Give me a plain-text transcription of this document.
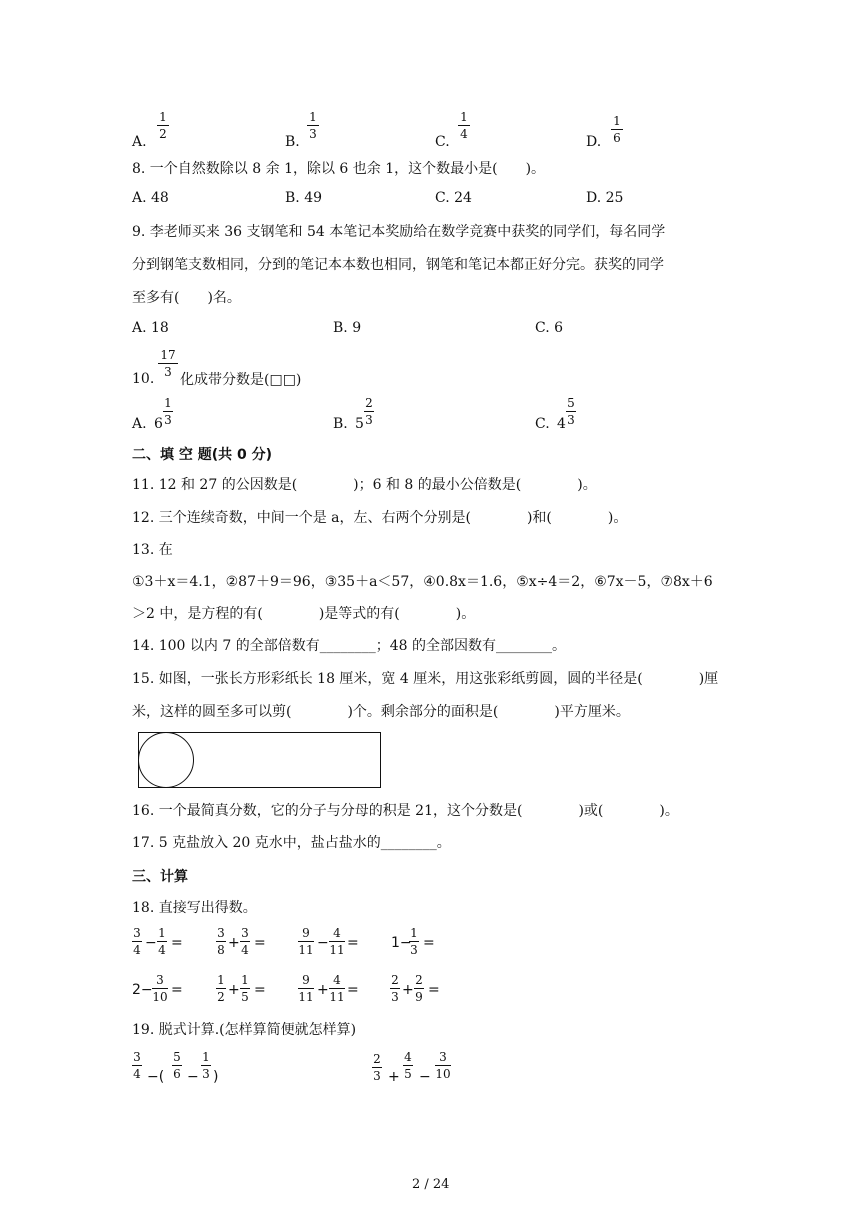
A.
1
2	B.
1
3	C.
1
4	D.
1
6
8. 一个自然数除以 8 余 1，除以 6 也余 1，这个数最小是(　　)。
A. 48	B. 49	C. 24	D. 25
9. 李老师买来 36 支钢笔和 54 本笔记本奖励给在数学竞赛中获奖的同学们，每名同学
分到钢笔支数相同，分到的笔记本本数也相同，钢笔和笔记本都正好分完。获奖的同学
至多有(　　)名。
A. 18	B. 9	C. 6
10.
17
3 化成带分数是(□□)
A. 6
1
3	B. 5
2
3	C. 4
5
3
二、填 空 题(共 0 分)
11. 12 和 27 的公因数是(　　　　)；6 和 8 的最小公倍数是(　　　　)。
12. 三个连续奇数，中间一个是 a，左、右两个分别是(　　　　)和(　　　　)。
13. 在
①3＋x＝4.1，②87＋9＝96，③35＋a＜57，④0.8x＝1.6，⑤x÷4＝2，⑥7x－5，⑦8x＋6
＞2 中，是方程的有(　　　　)是等式的有(　　　　)。
14. 100 以内 7 的全部倍数有________；48 的全部因数有________。
15. 如图，一张长方形彩纸长 18 厘米，宽 4 厘米，用这张彩纸剪圆，圆的半径是(　　　　)厘
米，这样的圆至多可以剪(　　　　)个。剩余部分的面积是(　　　　)平方厘米。
16. 一个最简真分数，它的分子与分母的积是 21，这个分数是(　　　　)或(　　　　)。
17. 5 克盐放入 20 克水中，盐占盐水的________。
三、计算
18. 直接写出得数。
3
4 −
1
4 =
3
8 +
3
4 =
9
11 −
4
11 = 1−
1
3 =
2−
3
10 =
1
2 +
1
5 =
9
11 +
4
11 =
2
3 +
2
9 =
19. 脱式计算.(怎样算简便就怎样算)
3
4 −(
5
6 −
1
3 )
2
3 +
4
5 −
3
10
2 / 24
